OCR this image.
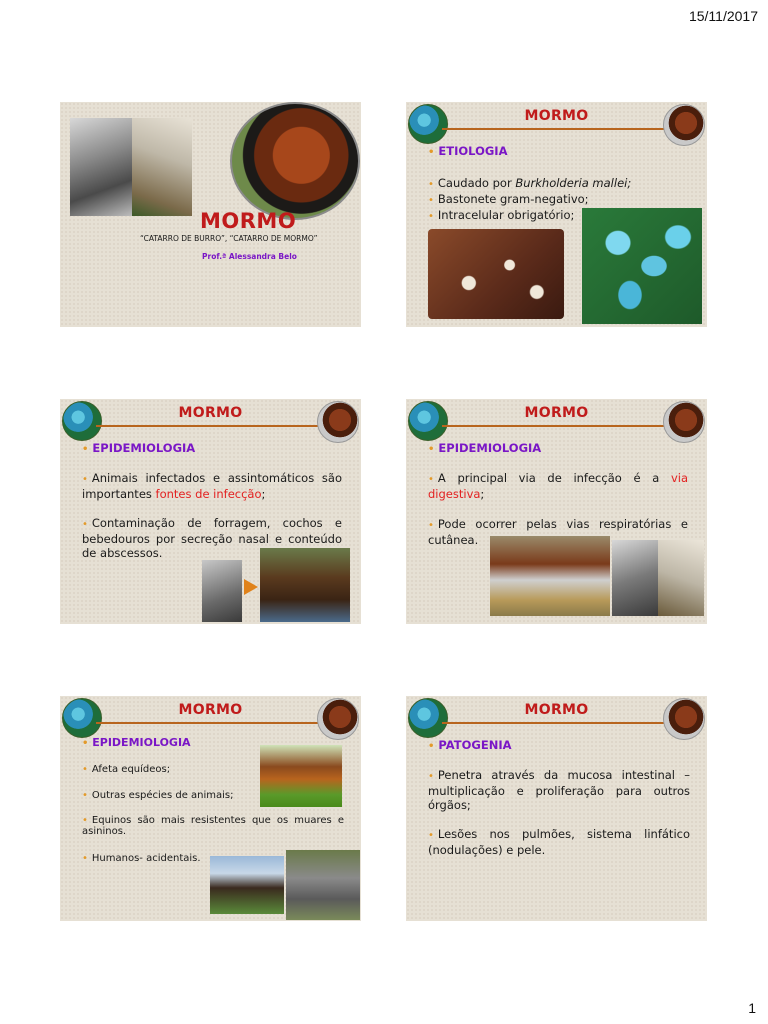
15/11/2017
MORMO
“CATARRO DE BURRO”, “CATARRO DE MORMO”
Prof.ª Alessandra Belo
MORMO
• ETIOLOGIA
• Caudado por Burkholderia mallei;
• Bastonete gram-negativo;
• Intracelular obrigatório;
MORMO
• EPIDEMIOLOGIA
• Animais infectados e assintomáticos são importantes fontes de infecção;
• Contaminação de forragem, cochos e bebedouros por secreção nasal e conteúdo de abscessos.
MORMO
• EPIDEMIOLOGIA
• A principal via de infecção é a via digestiva;
• Pode ocorrer pelas vias respiratórias e cutânea.
MORMO
• EPIDEMIOLOGIA
• Afeta equídeos;
• Outras espécies de animais;
• Equinos são mais resistentes que os muares e asininos.
• Humanos- acidentais.
MORMO
• PATOGENIA
• Penetra através da mucosa intestinal – multiplicação e proliferação para outros órgãos;
• Lesões nos pulmões, sistema linfático (nodulações) e pele.
1
